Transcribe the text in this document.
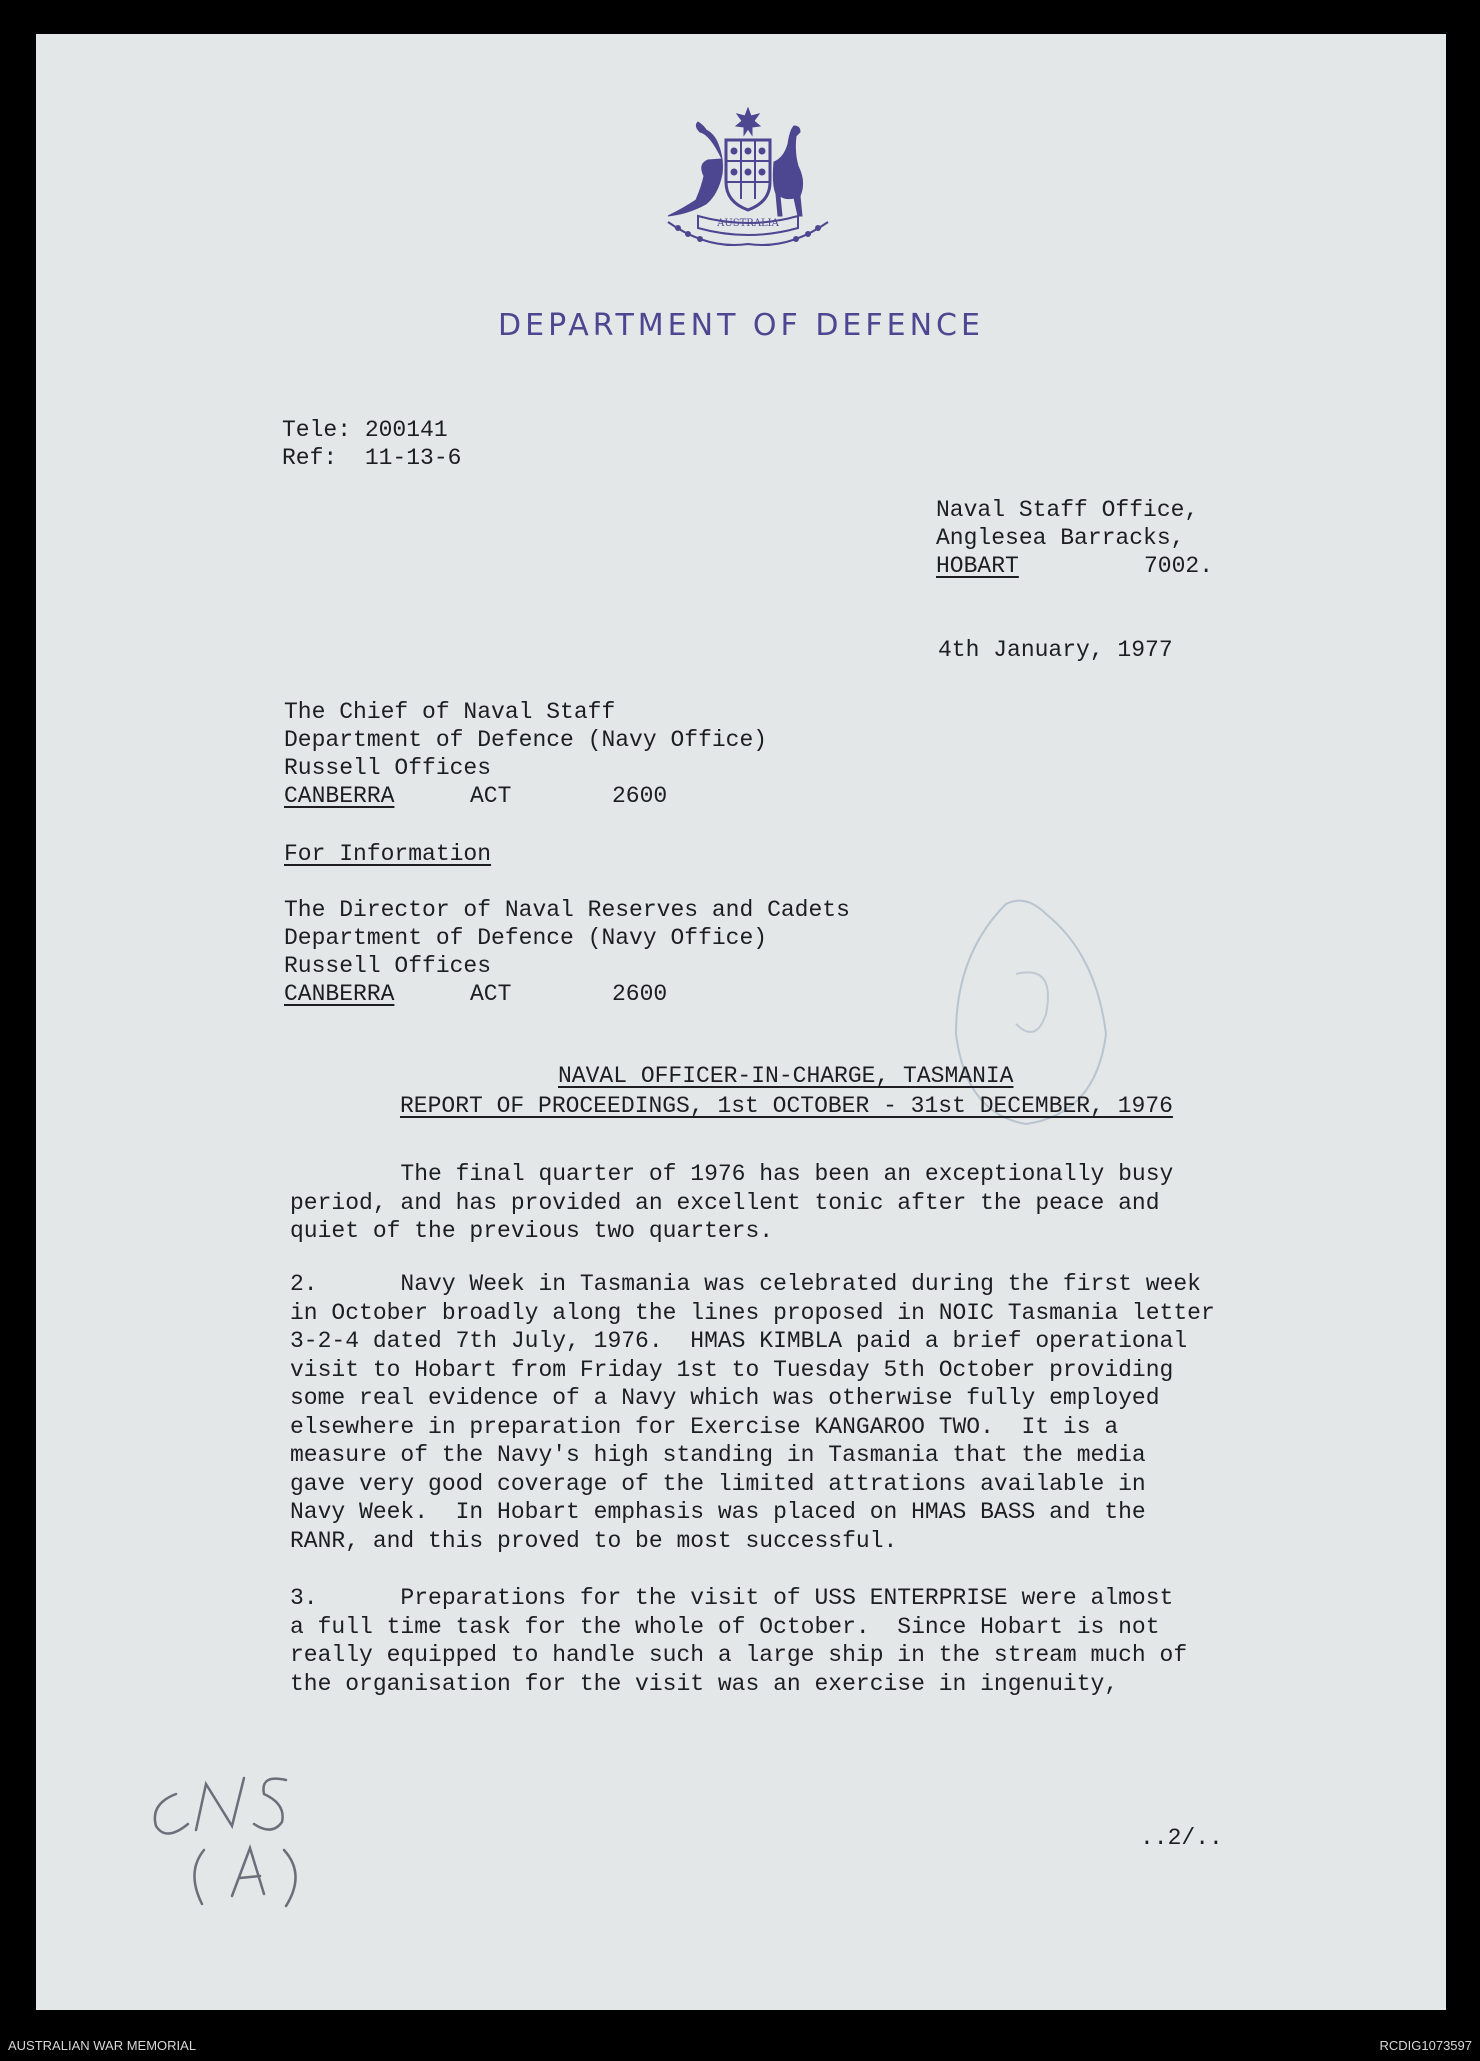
AUSTRALIA
DEPARTMENT OF DEFENCE
Tele: 200141
Ref:  11-13-6
Naval Staff Office,
Anglesea Barracks,
HOBART	7002.
4th January, 1977
The Chief of Naval Staff
Department of Defence (Navy Office)
Russell Offices
CANBERRA	ACT	2600
For Information
The Director of Naval Reserves and Cadets
Department of Defence (Navy Office)
Russell Offices
CANBERRA	ACT	2600
NAVAL OFFICER-IN-CHARGE, TASMANIA
REPORT OF PROCEEDINGS, 1st OCTOBER - 31st DECEMBER, 1976
The final quarter of 1976 has been an exceptionally busy
period, and has provided an excellent tonic after the peace and
quiet of the previous two quarters.
2.      Navy Week in Tasmania was celebrated during the first week
in October broadly along the lines proposed in NOIC Tasmania letter
3-2-4 dated 7th July, 1976.  HMAS KIMBLA paid a brief operational
visit to Hobart from Friday 1st to Tuesday 5th October providing
some real evidence of a Navy which was otherwise fully employed
elsewhere in preparation for Exercise KANGAROO TWO.  It is a
measure of the Navy's high standing in Tasmania that the media
gave very good coverage of the limited attrations available in
Navy Week.  In Hobart emphasis was placed on HMAS BASS and the
RANR, and this proved to be most successful.
3.      Preparations for the visit of USS ENTERPRISE were almost
a full time task for the whole of October.  Since Hobart is not
really equipped to handle such a large ship in the stream much of
the organisation for the visit was an exercise in ingenuity,
..2/..
AUSTRALIAN WAR MEMORIAL	RCDIG1073597
